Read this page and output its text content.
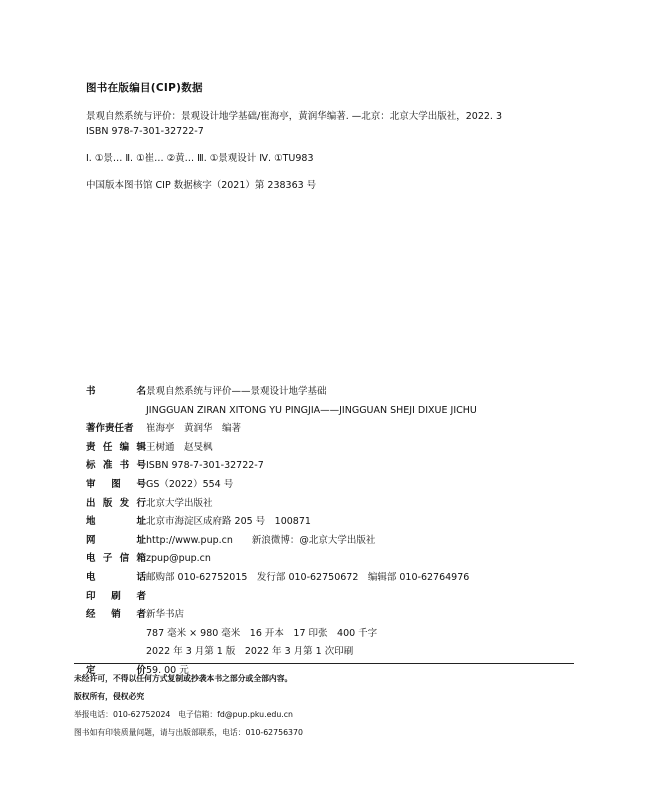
图书在版编目(CIP)数据
景观自然系统与评价：景观设计地学基础/崔海亭，黄润华编著. —北京：北京大学出版社，2022. 3
ISBN 978-7-301-32722-7
Ⅰ. ①景… Ⅱ. ①崔… ②黄… Ⅲ. ①景观设计 Ⅳ. ①TU983
中国版本图书馆 CIP 数据核字（2021）第 238363 号
书	名 景观自然系统与评价——景观设计地学基础
JINGGUAN ZIRAN XITONG YU PINGJIA——JINGGUAN SHEJI DIXUE JICHU
著作责任者 崔海亭　黄润华　编著
责 任 编 辑 王树通　赵旻枫
标 准 书 号 ISBN 978-7-301-32722-7
审 图 号 GS（2022）554 号
出 版 发 行 北京大学出版社
地	址 北京市海淀区成府路 205 号　100871
网	址 http://www.pup.cn　　新浪微博：@北京大学出版社
电 子 信 箱 zpup@pup.cn
电	话 邮购部 010-62752015　发行部 010-62750672　编辑部 010-62764976
印 刷 者
经 销 者 新华书店
787 毫米 × 980 毫米　16 开本　17 印张　400 千字
2022 年 3 月第 1 版　2022 年 3 月第 1 次印刷
定	价 59. 00 元
未经许可，不得以任何方式复制或抄袭本书之部分或全部内容。
版权所有，侵权必究
举报电话：010-62752024　电子信箱：fd@pup.pku.edu.cn
图书如有印装质量问题，请与出版部联系，电话：010-62756370
